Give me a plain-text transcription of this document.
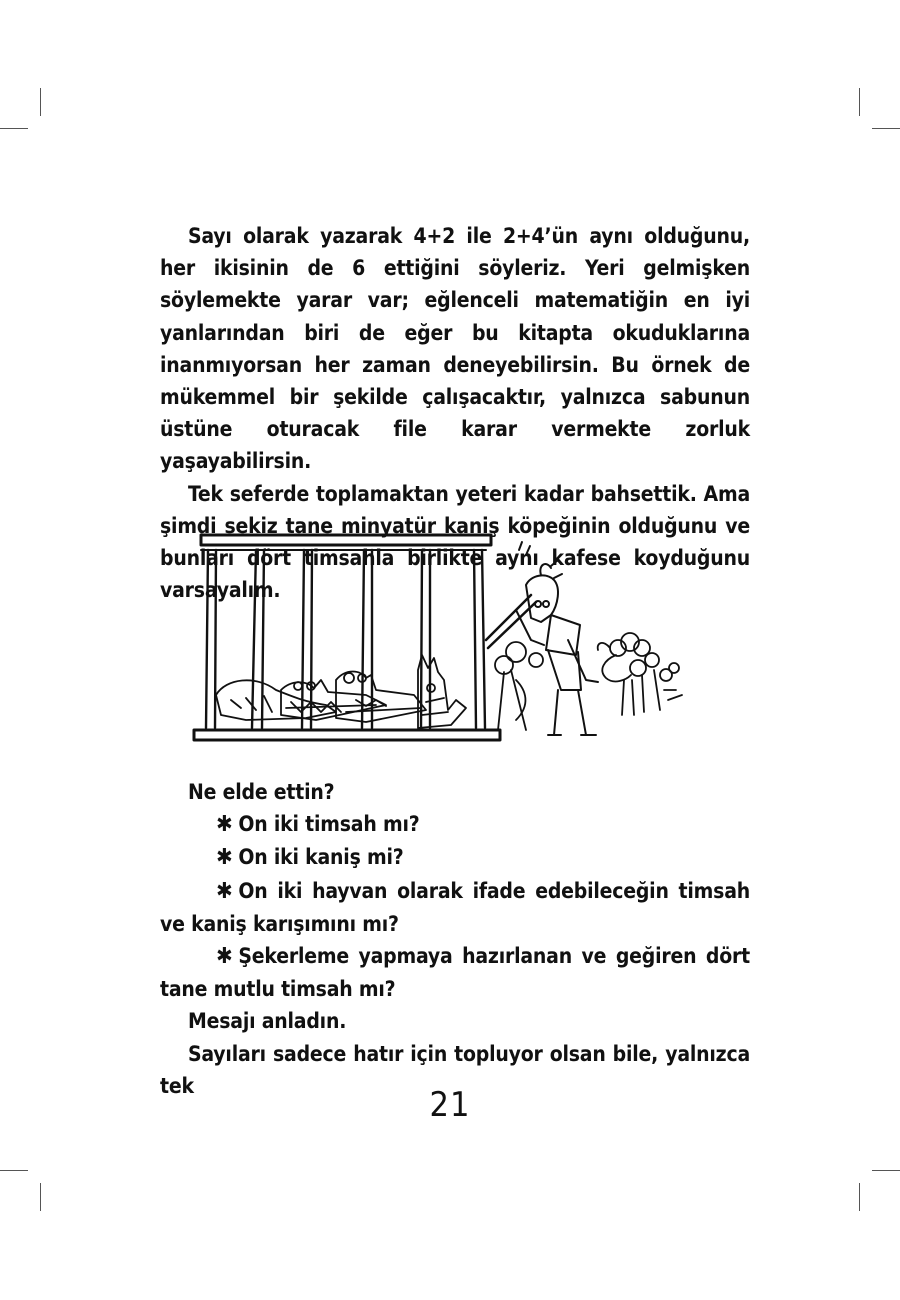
Sayı olarak yazarak 4+2 ile 2+4’ün aynı olduğunu, her ikisinin de 6 ettiğini söyleriz. Yeri gelmişken söylemekte yarar var; eğlenceli matematiğin en iyi yanlarından biri de eğer bu kitapta okuduklarına inanmıyorsan her zaman deneyebilirsin. Bu örnek de mükemmel bir şekilde çalışacaktır, yalnızca sabunun üstüne oturacak file karar vermekte zorluk yaşayabilirsin.

Tek seferde toplamaktan yeteri kadar bahsettik. Ama şimdi sekiz tane minyatür kaniş köpeğinin olduğunu ve bunları dört timsahla birlikte aynı kafese koyduğunu varsayalım.

Ne elde ettin?

✱ On iki timsah mı?

✱ On iki kaniş mi?

✱ On iki hayvan olarak ifade edebileceğin timsah ve kaniş karışımını mı?

✱ Şekerleme yapmaya hazırlanan ve geğiren dört tane mutlu timsah mı?

Mesajı anladın.

Sayıları sadece hatır için topluyor olsan bile, yalnızca tek	21
